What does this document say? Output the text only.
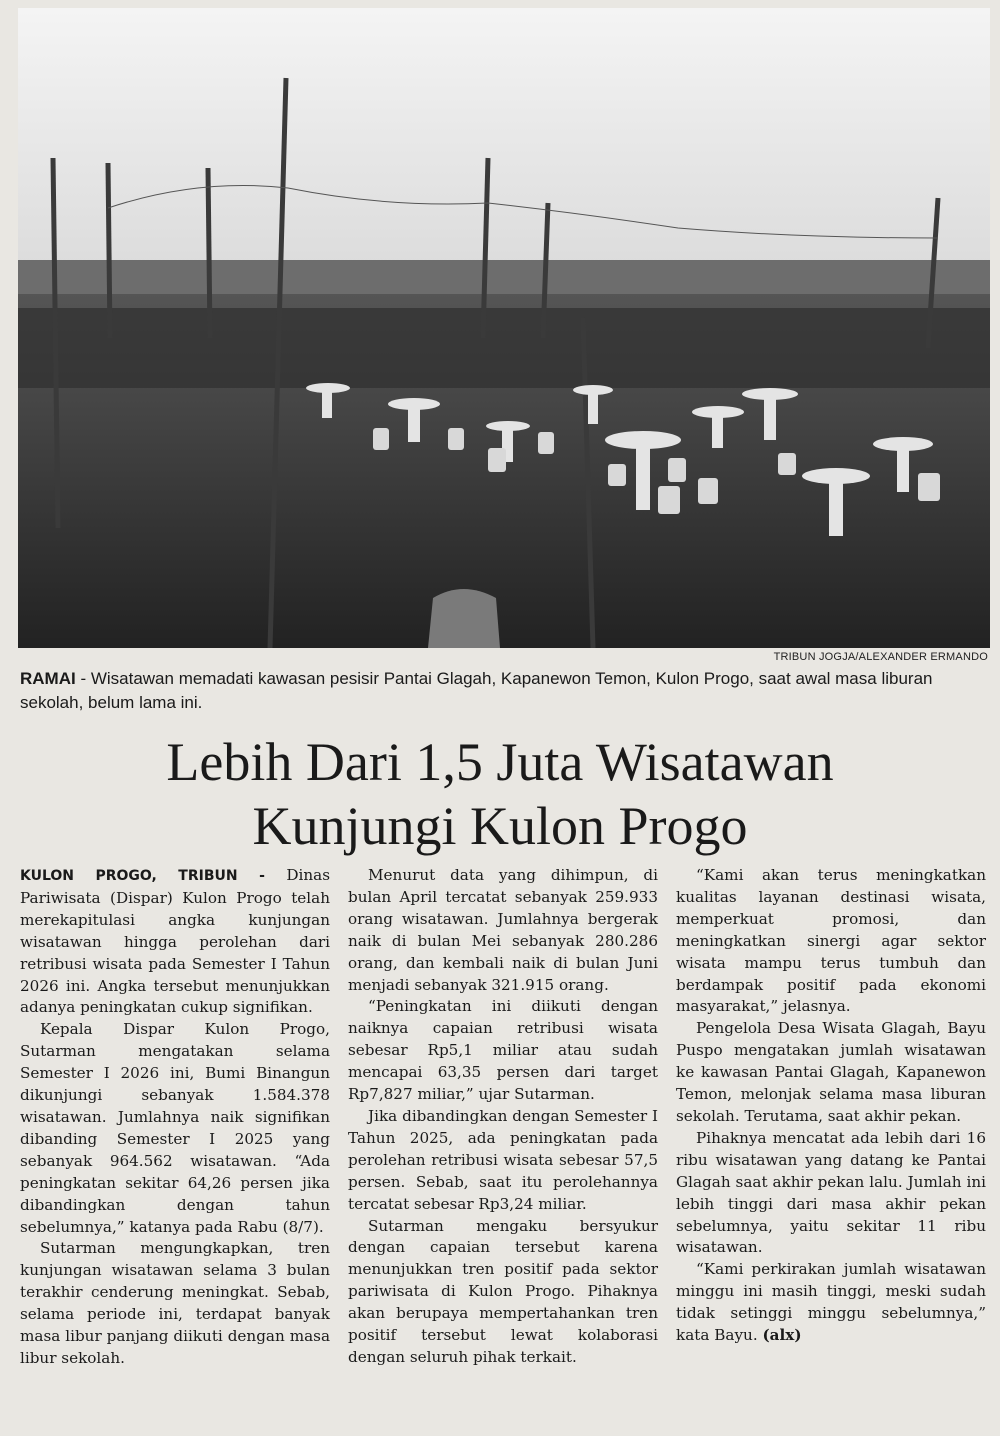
TRIBUN JOGJA/ALEXANDER ERMANDO
RAMAI - Wisatawan memadati kawasan pesisir Pantai Glagah, Kapanewon Temon, Kulon Progo, saat awal masa liburan sekolah, belum lama ini.
Lebih Dari 1,5 Juta Wisatawan
Kunjungi Kulon Progo

KULON PROGO, TRIBUN - Dinas Pariwisata (Dispar) Kulon Progo telah merekapitulasi angka kunjungan wisatawan hingga perolehan dari retribusi wisata pada Semester I Tahun 2026 ini. Angka tersebut menunjukkan adanya peningkatan cukup signifikan.

Kepala Dispar Kulon Progo, Sutarman mengatakan selama Semester I 2026 ini, Bumi Binangun dikunjungi sebanyak 1.584.378 wisatawan. Jumlahnya naik signifikan dibanding Semester I 2025 yang sebanyak 964.562 wisatawan. “Ada peningkatan sekitar 64,26 persen jika dibandingkan dengan tahun sebelumnya,” katanya pada Rabu (8/7).

Sutarman mengungkapkan, tren kunjungan wisatawan selama 3 bulan terakhir cenderung meningkat. Sebab, selama periode ini, terdapat banyak masa libur panjang diikuti dengan masa libur sekolah.

Menurut data yang dihimpun, di bulan April tercatat sebanyak 259.933 orang wisatawan. Jumlahnya bergerak naik di bulan Mei sebanyak 280.286 orang, dan kembali naik di bulan Juni menjadi sebanyak 321.915 orang.

“Peningkatan ini diikuti dengan naiknya capaian retribusi wisata sebesar Rp5,1 miliar atau sudah mencapai 63,35 persen dari target Rp7,827 miliar,” ujar Sutarman.

Jika dibandingkan dengan Semester I Tahun 2025, ada peningkatan pada perolehan retribusi wisata sebesar 57,5 persen. Sebab, saat itu perolehannya tercatat sebesar Rp3,24 miliar.

Sutarman mengaku bersyukur dengan capaian tersebut karena menunjukkan tren positif pada sektor pariwisata di Kulon Progo. Pihaknya akan berupaya mempertahankan tren positif tersebut lewat kolaborasi dengan seluruh pihak terkait.

“Kami akan terus meningkatkan kualitas layanan destinasi wisata, memperkuat promosi, dan meningkatkan sinergi agar sektor wisata mampu terus tumbuh dan berdampak positif pada ekonomi masyarakat,” jelasnya.

Pengelola Desa Wisata Glagah, Bayu Puspo mengatakan jumlah wisatawan ke kawasan Pantai Glagah, Kapanewon Temon, melonjak selama masa liburan sekolah. Terutama, saat akhir pekan.

Pihaknya mencatat ada lebih dari 16 ribu wisatawan yang datang ke Pantai Glagah saat akhir pekan lalu. Jumlah ini lebih tinggi dari masa akhir pekan sebelumnya, yaitu sekitar 11 ribu wisatawan.

“Kami perkirakan jumlah wisatawan minggu ini masih tinggi, meski sudah tidak setinggi minggu sebelumnya,” kata Bayu. (alx)
